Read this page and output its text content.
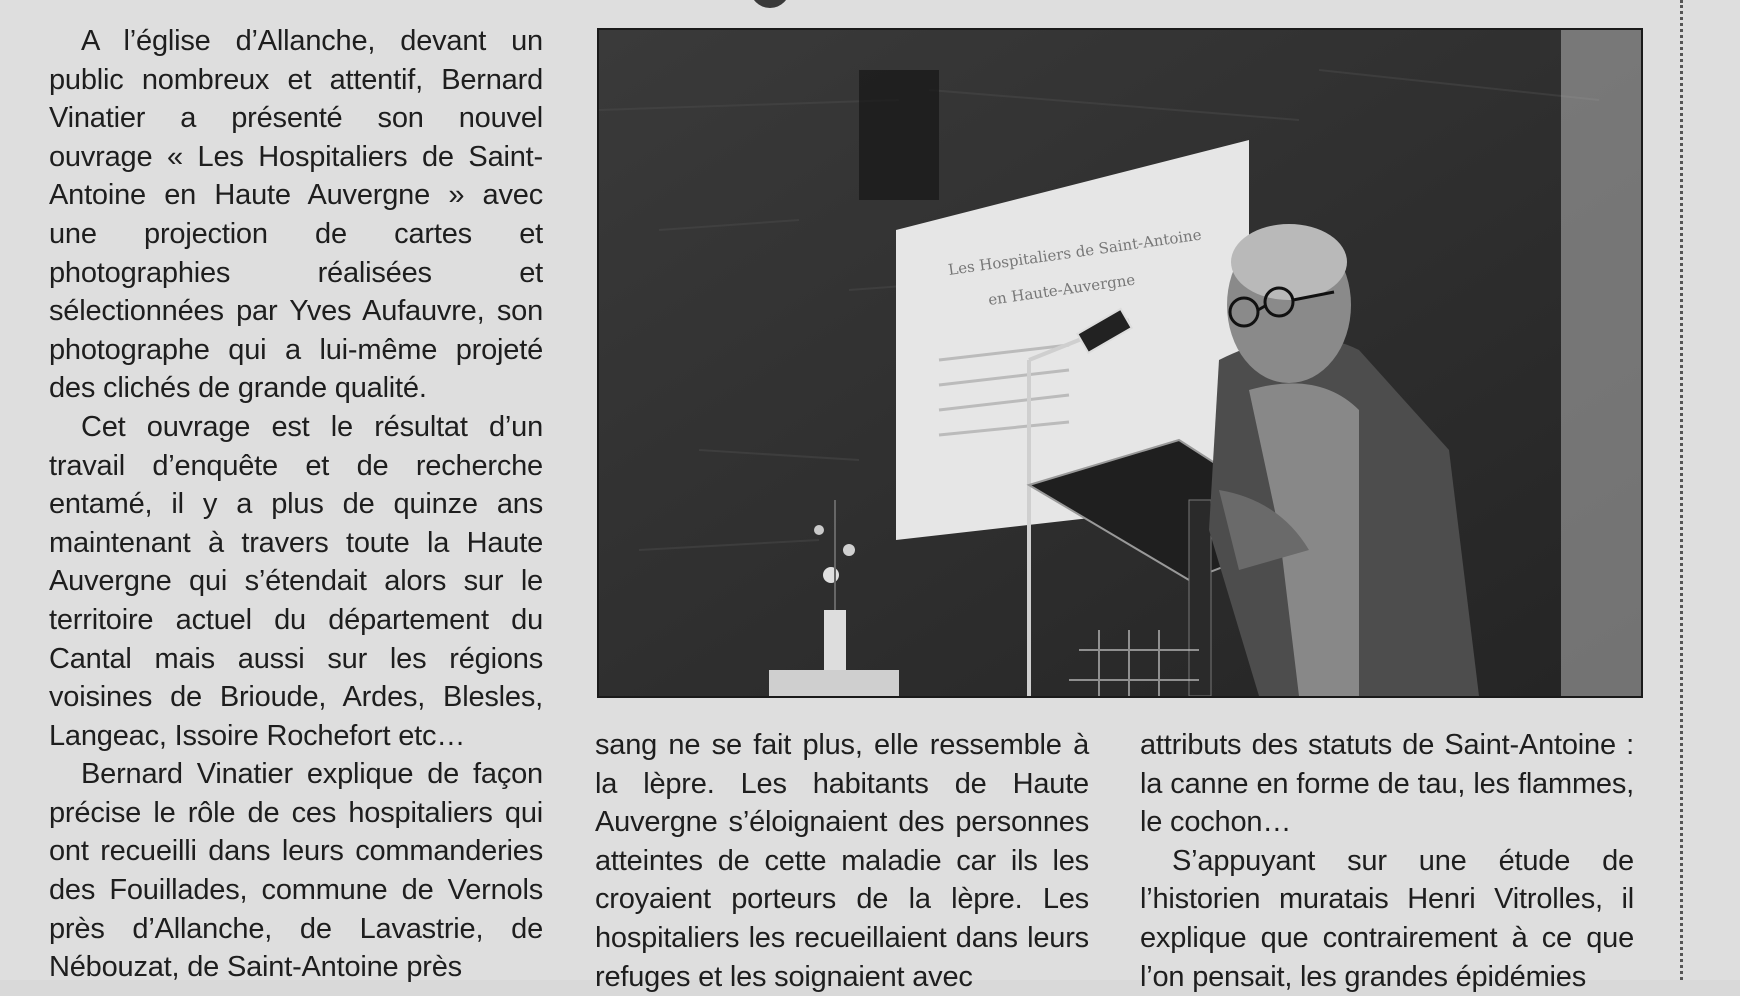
A l’église d’Allanche, devant un public nombreux et attentif, Bernard Vinatier a présenté son nouvel ouvrage « Les Hospitaliers de Saint-Antoine en Haute Auvergne » avec une projection de cartes et photographies réalisées et sélectionnées par Yves Aufauvre, son photographe qui a lui-même projeté des clichés de grande qualité.

Cet ouvrage est le résultat d’un travail d’enquête et de recherche entamé, il y a plus de quinze ans maintenant à travers toute la Haute Auvergne qui s’étendait alors sur le territoire actuel du département du Cantal mais aussi sur les régions voisines de Brioude, Ardes, Blesles, Langeac, Issoire Rochefort etc…

Bernard Vinatier explique de façon précise le rôle de ces hospitaliers qui ont recueilli dans leurs commanderies des Fouillades, commune de Vernols près d’Allanche, de Lavastrie, de Nébouzat, de Saint-Antoine près

Les Hospitaliers de Saint-Antoine
en Haute-Auvergne

sang ne se fait plus, elle ressemble à la lèpre. Les habitants de Haute Auvergne s’éloignaient des personnes atteintes de cette maladie car ils les croyaient porteurs de la lèpre. Les hospitaliers les recueillaient dans leurs refuges et les soignaient avec

attributs des statuts de Saint-Antoine : la canne en forme de tau, les flammes, le cochon…

S’appuyant sur une étude de l’historien muratais Henri Vitrolles, il explique que contrairement à ce que l’on pensait, les grandes épidémies
